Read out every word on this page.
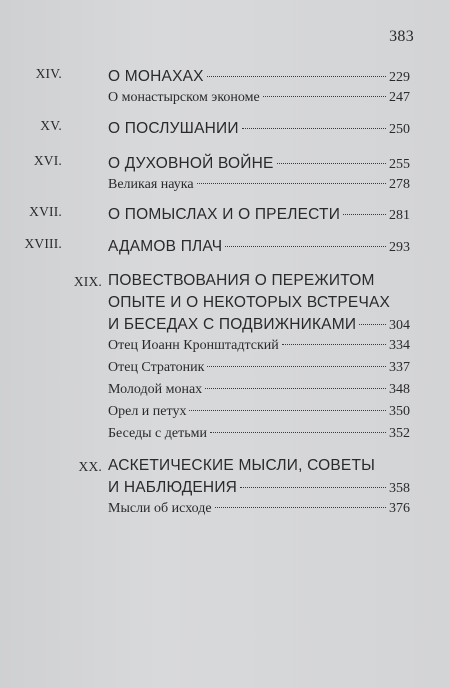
383
XIV.	О МОНАХАХ	229
О монастырском экономе	247
XV.	О ПОСЛУШАНИИ	250
XVI.	О ДУХОВНОЙ ВОЙНЕ	255
Великая наука	278
XVII.	О ПОМЫСЛАХ И О ПРЕЛЕСТИ	281
XVIII.	АДАМОВ ПЛАЧ	293
XIX. ПОВЕСТВОВАНИЯ О ПЕРЕЖИТОМ
ОПЫТЕ И О НЕКОТОРЫХ ВСТРЕЧАХ
И БЕСЕДАХ С ПОДВИЖНИКАМИ 304
Отец Иоанн Кронштадтский	334
Отец Стратоник	337
Молодой монах	348
Орел и петух	350
Беседы с детьми	352
XX. АСКЕТИЧЕСКИЕ МЫСЛИ, СОВЕТЫ
И НАБЛЮДЕНИЯ	358
Мысли об исходе	376
